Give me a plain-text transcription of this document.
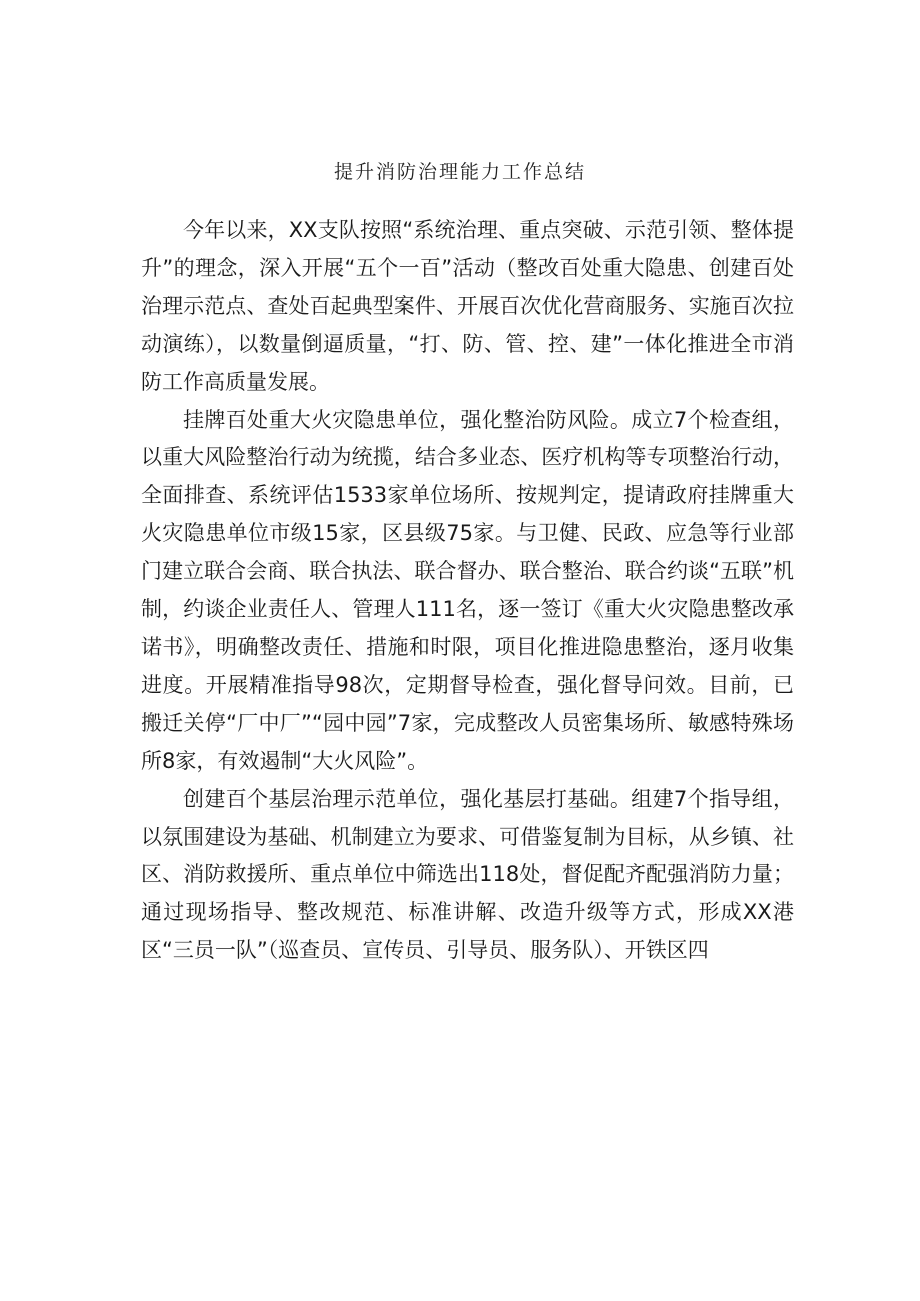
提升消防治理能力工作总结

今年以来，XX支队按照“系统治理、重点突破、示范引领、整体提升”的理念，深入开展“五个一百”活动（整改百处重大隐患、创建百处治理示范点、查处百起典型案件、开展百次优化营商服务、实施百次拉动演练），以数量倒逼质量，“打、防、管、控、建”一体化推进全市消防工作高质量发展。

挂牌百处重大火灾隐患单位，强化整治防风险。成立7个检查组，以重大风险整治行动为统揽，结合多业态、医疗机构等专项整治行动，全面排查、系统评估1533家单位场所、按规判定，提请政府挂牌重大火灾隐患单位市级15家，区县级75家。与卫健、民政、应急等行业部门建立联合会商、联合执法、联合督办、联合整治、联合约谈“五联”机制，约谈企业责任人、管理人111名，逐一签订《重大火灾隐患整改承诺书》，明确整改责任、措施和时限，项目化推进隐患整治，逐月收集进度。开展精准指导98次，定期督导检查，强化督导问效。目前，已搬迁关停“厂中厂”“园中园”7家，完成整改人员密集场所、敏感特殊场所8家，有效遏制“大火风险”。

创建百个基层治理示范单位，强化基层打基础。组建7个指导组，以氛围建设为基础、机制建立为要求、可借鉴复制为目标，从乡镇、社区、消防救援所、重点单位中筛选出118处，督促配齐配强消防力量；通过现场指导、整改规范、标准讲解、改造升级等方式，形成XX港区“三员一队”（巡查员、宣传员、引导员、服务队）、开铁区四
